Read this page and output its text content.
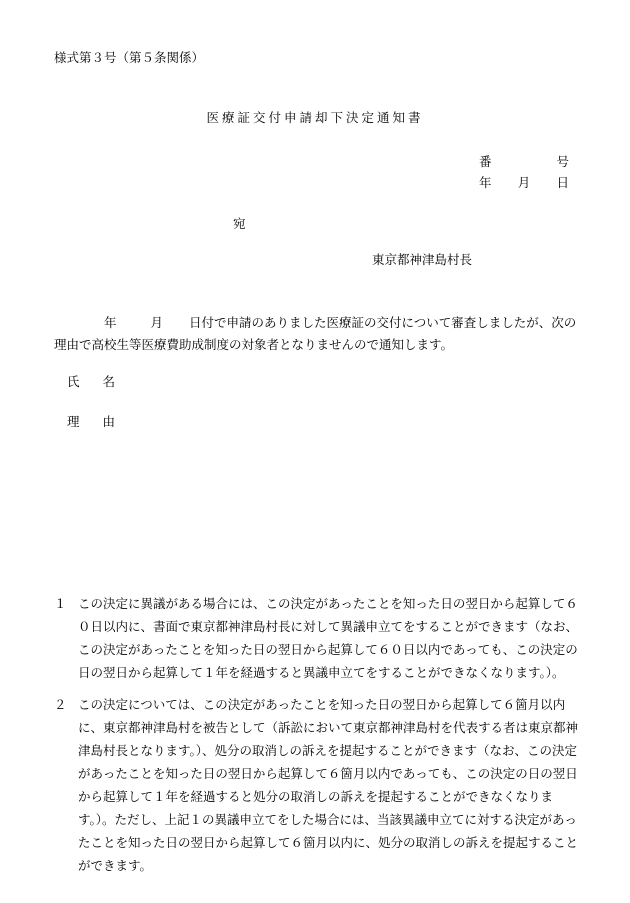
様式第３号（第５条関係）
医療証交付申請却下決定通知書
番	号
年 月 日
宛
東京都神津島村長
年	月 日付で申請のありました医療証の交付について審査しましたが、次の理由で高校生等医療費助成制度の対象者となりませんので通知します。
氏 名
理 由
１ この決定に異議がある場合には、この決定があったことを知った日の翌日から起算して６０日以内に、書面で東京都神津島村長に対して異議申立てをすることができます（なお、この決定があったことを知った日の翌日から起算して６０日以内であっても、この決定の日の翌日から起算して１年を経過すると異議申立てをすることができなくなります。）。
２ この決定については、この決定があったことを知った日の翌日から起算して６箇月以内に、東京都神津島村を被告として（訴訟において東京都神津島村を代表する者は東京都神津島村長となります。）、処分の取消しの訴えを提起することができます（なお、この決定があったことを知った日の翌日から起算して６箇月以内であっても、この決定の日の翌日から起算して１年を経過すると処分の取消しの訴えを提起することができなくなります。）。ただし、上記１の異議申立てをした場合には、当該異議申立てに対する決定があったことを知った日の翌日から起算して６箇月以内に、処分の取消しの訴えを提起することができます。
